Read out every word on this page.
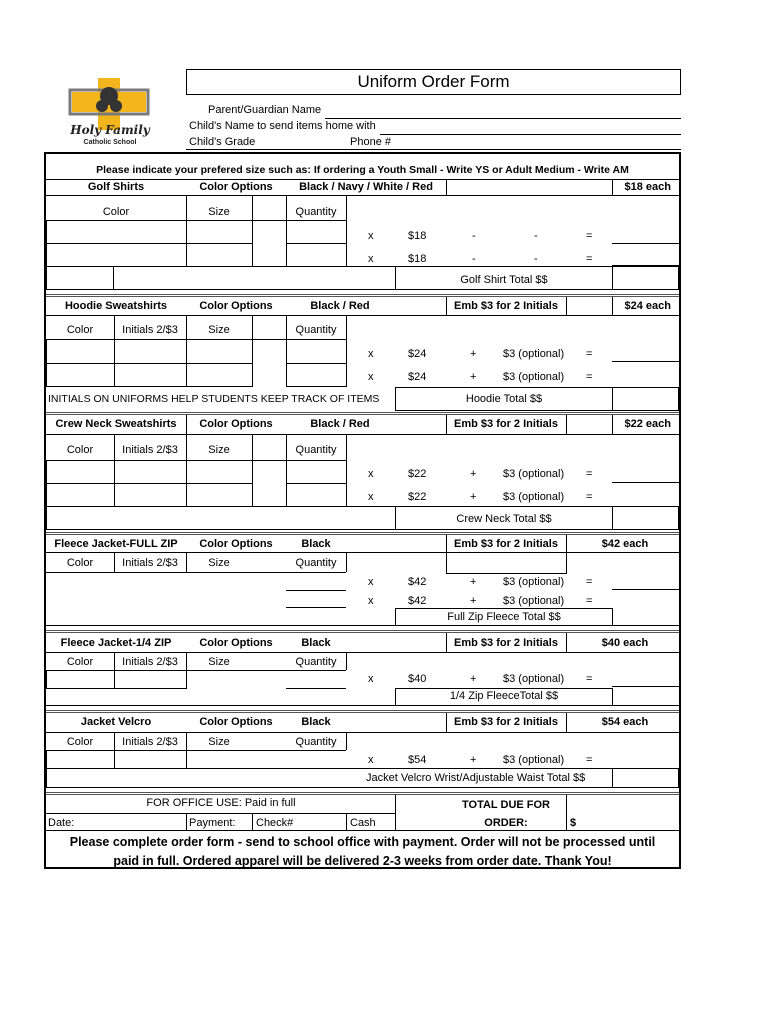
Holy Family
Catholic School
Uniform Order Form
Parent/Guardian Name
Child's Name to send items home with
Child's Grade	Phone #
Please indicate your prefered size such as: If ordering a Youth Small - Write YS or Adult Medium - Write AM
Golf Shirts	Color Options	Black / Navy / White / Red	$18 each
Color	Size	Quantity
x	$18	-	-	=
x	$18	-	-	=
Golf Shirt Total $$
Hoodie Sweatshirts	Color Options	Black / Red	Emb $3 for 2 Initials	$24 each
Color	Initials 2/$3	Size	Quantity
x	$24	+ $3 (optional) =
x	$24	+ $3 (optional) =
INITIALS ON UNIFORMS HELP STUDENTS KEEP TRACK OF ITEMS	Hoodie Total $$
Crew Neck Sweatshirts	Color Options	Black / Red	Emb $3 for 2 Initials	$22 each
Color	Initials 2/$3	Size	Quantity
x	$22	+ $3 (optional) =
x	$22	+ $3 (optional) =
Crew Neck Total $$
Fleece Jacket-FULL ZIP	Color Options	Black	Emb $3 for 2 Initials	$42 each
Color	Initials 2/$3	Size	Quantity
x	$42	+ $3 (optional) =
x	$42	+ $3 (optional) =
Full Zip Fleece Total $$
Fleece Jacket-1/4 ZIP	Color Options	Black	Emb $3 for 2 Initials	$40 each
Color	Initials 2/$3	Size	Quantity
x	$40	+ $3 (optional) =
1/4 Zip FleeceTotal $$
Jacket Velcro	Color Options	Black	Emb $3 for 2 Initials	$54 each
Color	Initials 2/$3	Size	Quantity
x	$54	+ $3 (optional) =
Jacket Velcro Wrist/Adjustable Waist Total $$
FOR OFFICE USE: Paid in full	TOTAL DUE FOR
ORDER:	$
Date:	Payment: Check#	Cash
Please complete order form - send to school office with payment. Order will not be processed until
paid in full. Ordered apparel will be delivered 2-3 weeks from order date. Thank You!
